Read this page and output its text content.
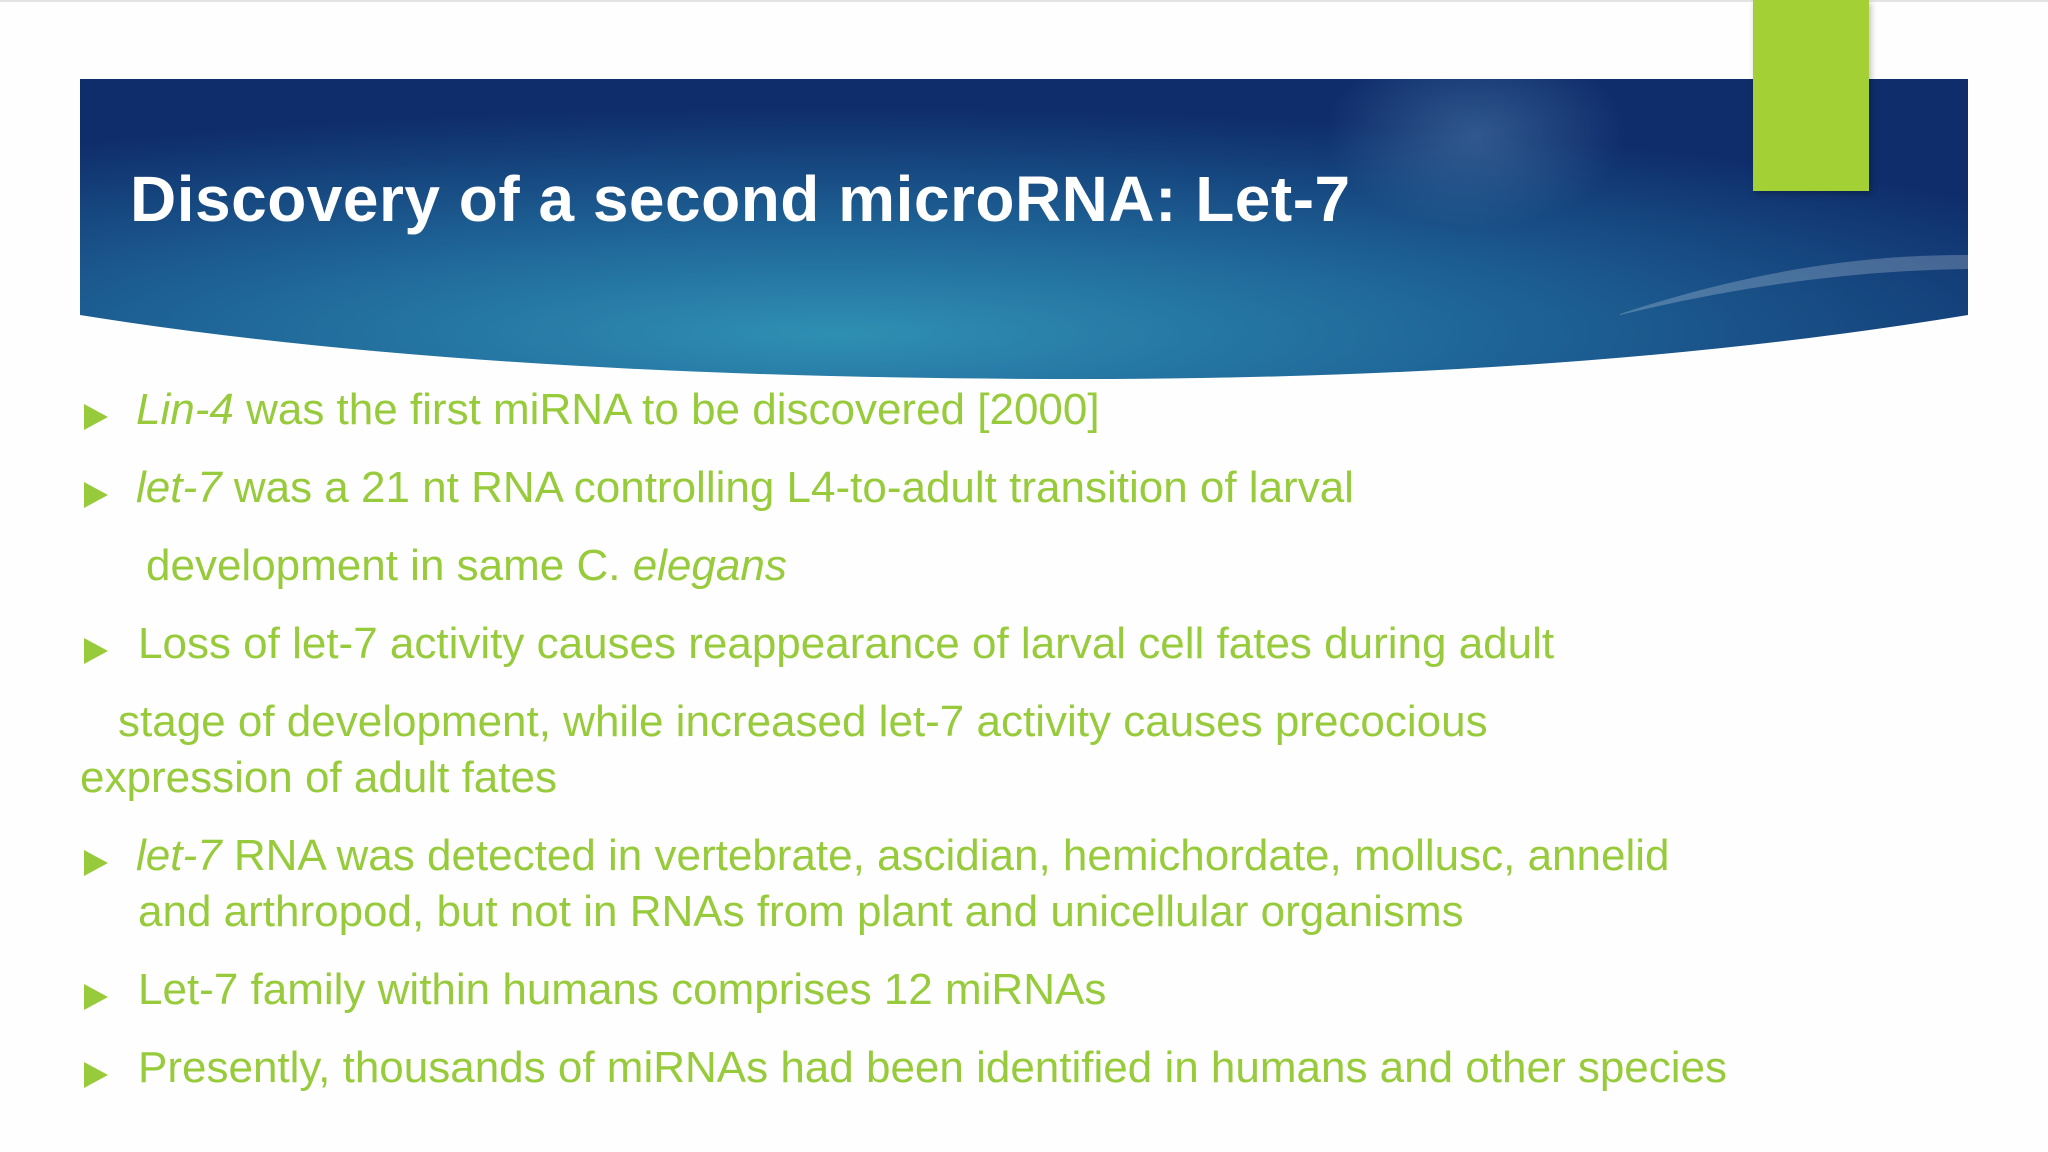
Discovery of a second microRNA: Let-7
Lin-4 was the first miRNA to be discovered [2000]
let-7 was a 21 nt RNA controlling L4-to-adult transition of larval
development in same C. elegans
Loss of let-7 activity causes reappearance of larval cell fates during adult
stage of development, while increased let-7 activity causes precocious
expression of adult fates
let-7 RNA was detected in vertebrate, ascidian, hemichordate, mollusc, annelid
and arthropod, but not in RNAs from plant and unicellular organisms
Let-7 family within humans comprises 12 miRNAs
Presently, thousands of miRNAs had been identified in humans and other species
